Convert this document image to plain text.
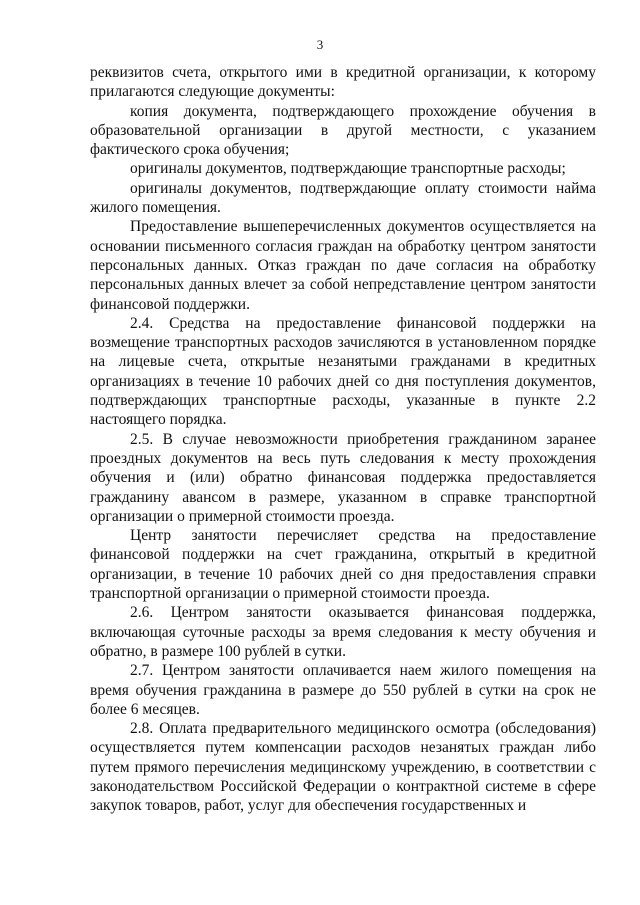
3

реквизитов счета, открытого ими в кредитной организации, к которому прилагаются следующие документы:

копия документа, подтверждающего прохождение обучения в образовательной организации в другой местности, с указанием фактического срока обучения;

оригиналы документов, подтверждающие транспортные расходы;

оригиналы документов, подтверждающие оплату стоимости найма жилого помещения.

Предоставление вышеперечисленных документов осуществляется на основании письменного согласия граждан на обработку центром занятости персональных данных. Отказ граждан по даче согласия на обработку персональных данных влечет за собой непредставление центром занятости финансовой поддержки.

2.4. Средства на предоставление финансовой поддержки на возмещение транспортных расходов зачисляются в установленном порядке на лицевые счета, открытые незанятыми гражданами в кредитных организациях в течение 10 рабочих дней со дня поступления документов, подтверждающих транспортные расходы, указанные в пункте 2.2 настоящего порядка.

2.5. В случае невозможности приобретения гражданином заранее проездных документов на весь путь следования к месту прохождения обучения и (или) обратно финансовая поддержка предоставляется гражданину авансом в размере, указанном в справке транспортной организации о примерной стоимости проезда.

Центр занятости перечисляет средства на предоставление финансовой поддержки на счет гражданина, открытый в кредитной организации, в течение 10 рабочих дней со дня предоставления справки транспортной организации о примерной стоимости проезда.

2.6. Центром занятости оказывается финансовая поддержка, включающая суточные расходы за время следования к месту обучения и обратно, в размере 100 рублей в сутки.

2.7. Центром занятости оплачивается наем жилого помещения на время обучения гражданина в размере до 550 рублей в сутки на срок не более 6 месяцев.

2.8. Оплата предварительного медицинского осмотра (обследования) осуществляется путем компенсации расходов незанятых граждан либо путем прямого перечисления медицинскому учреждению, в соответствии с законодательством Российской Федерации о контрактной системе в сфере закупок товаров, работ, услуг для обеспечения государственных и
